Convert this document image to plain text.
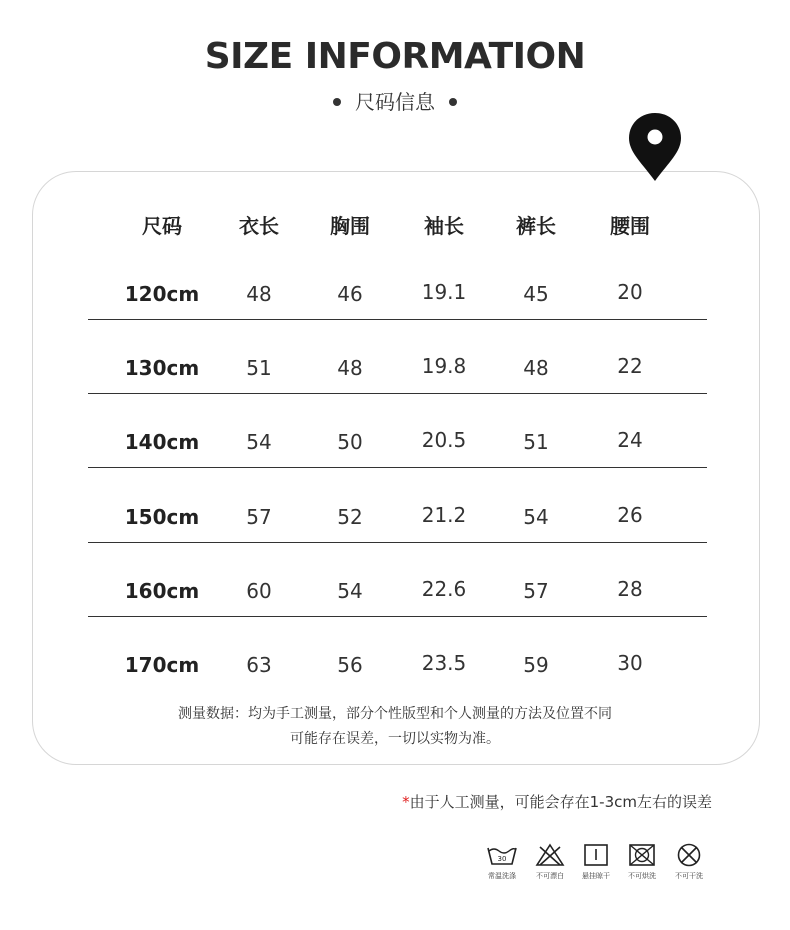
SIZE INFORMATION
尺码信息
尺码	衣长	胸围	袖长	裤长	腰围
120cm	48	46	19.1	45	20
130cm	51	48	19.8	48	22
140cm	54	50	20.5	51	24
150cm	57	52	21.2	54	26
160cm	60	54	22.6	57	28
170cm	63	56	23.5	59	30
测量数据：均为手工测量，部分个性版型和个人测量的方法及位置不同
可能存在误差，一切以实物为准。
*由于人工测量，可能会存在1-3cm左右的误差
30
常温洗涤	不可漂白	悬挂晾干	不可烘洗	不可干洗
